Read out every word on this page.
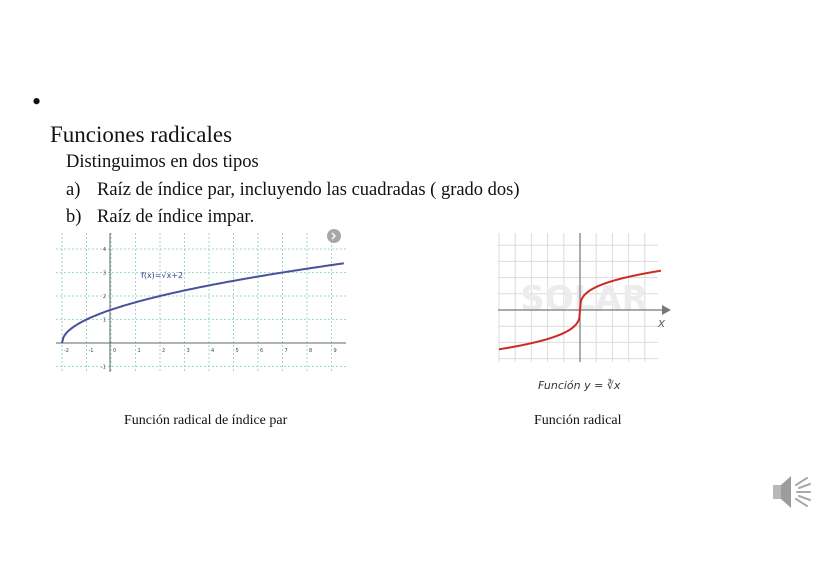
•
Funciones radicales
Distinguimos en dos tipos
a) Raíz de índice par, incluyendo las cuadradas ( grado dos)
b) Raíz de índice impar.
-2	-1	0	1	2	3	4	5	6	7	8	9
4
3
2
1
-1
f(x)=√x+2
SOLAR
x
Función y = ∛x
Función radical de índice par	Función radical
